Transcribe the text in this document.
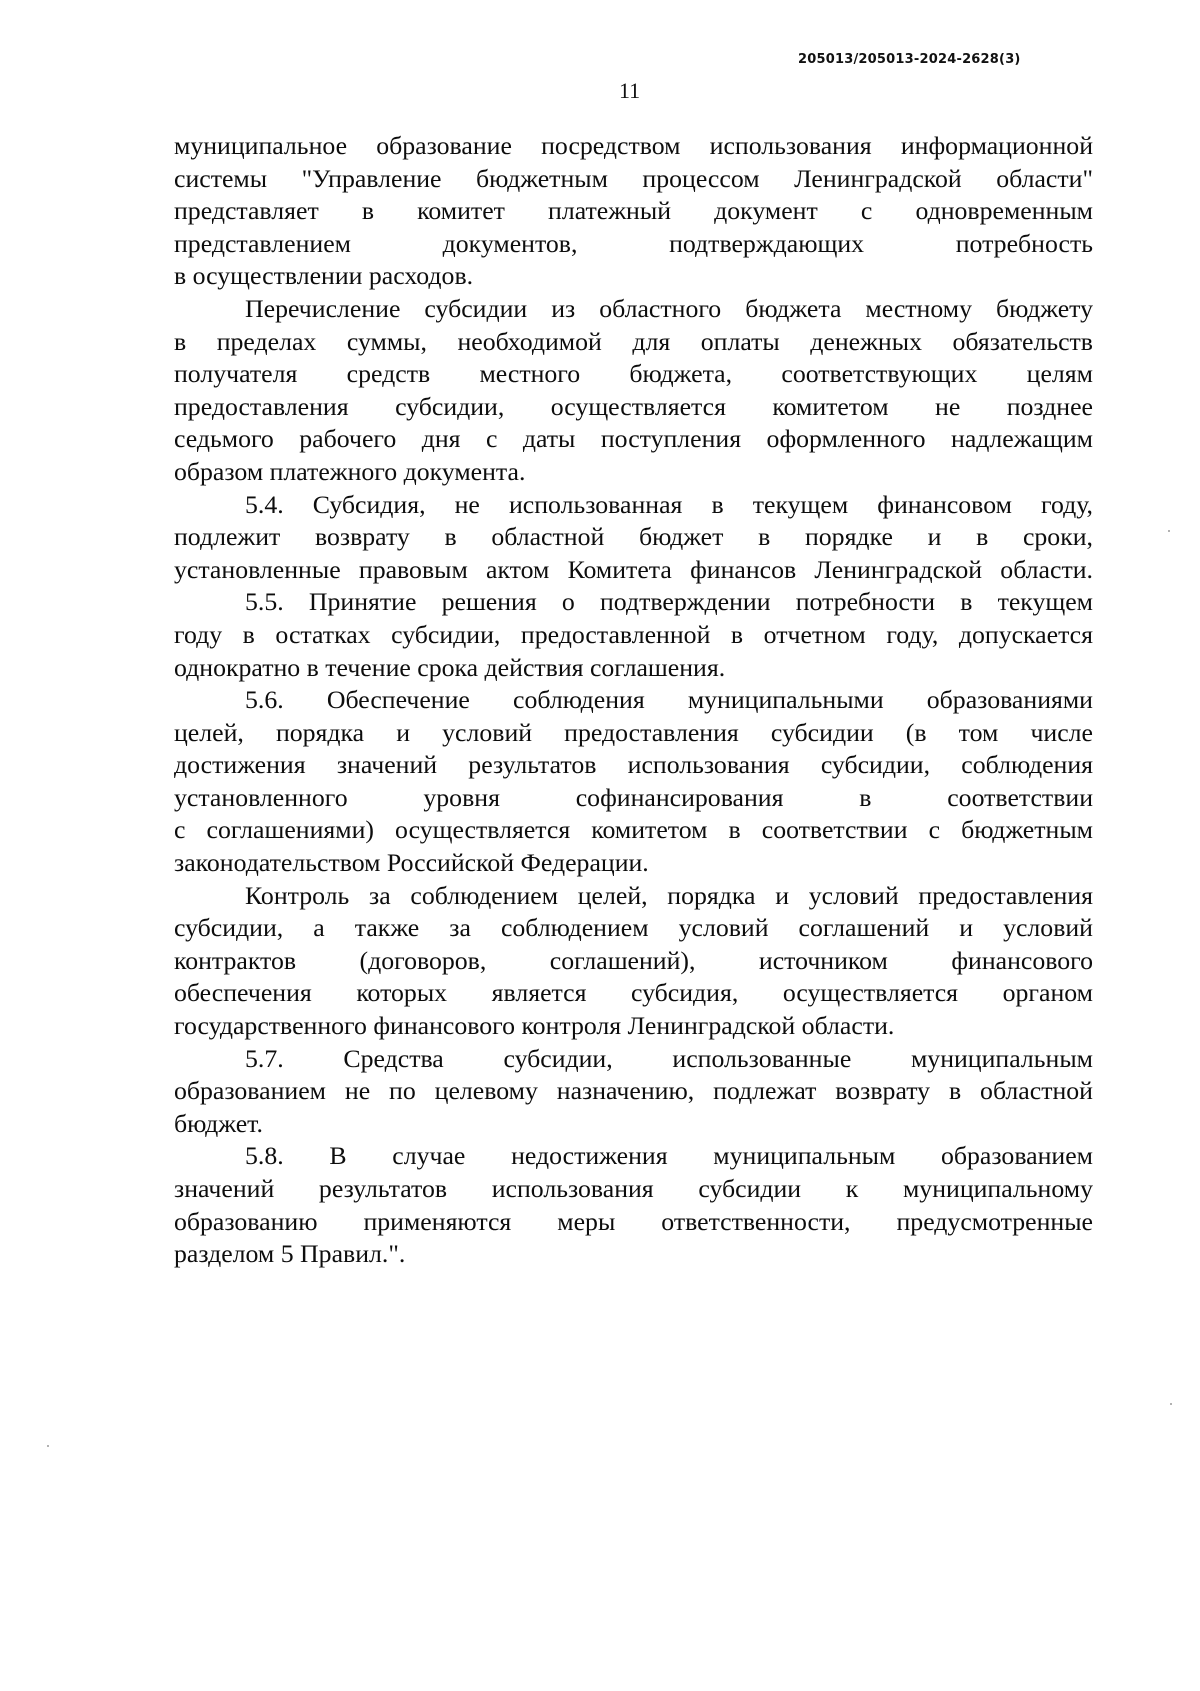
205013/205013-2024-2628(3)
11
муниципальное образование посредством использования информационной
системы "Управление бюджетным процессом Ленинградской области"
представляет в комитет платежный документ с одновременным
представлением документов, подтверждающих потребность
в осуществлении расходов.
Перечисление субсидии из областного бюджета местному бюджету
в пределах суммы, необходимой для оплаты денежных обязательств
получателя средств местного бюджета, соответствующих целям
предоставления субсидии, осуществляется комитетом не позднее
седьмого рабочего дня с даты поступления оформленного надлежащим
образом платежного документа.
5.4. Субсидия, не использованная в текущем финансовом году,
подлежит возврату в областной бюджет в порядке и в сроки,
установленные правовым актом Комитета финансов Ленинградской области.
5.5. Принятие решения о подтверждении потребности в текущем
году в остатках субсидии, предоставленной в отчетном году, допускается
однократно в течение срока действия соглашения.
5.6. Обеспечение соблюдения муниципальными образованиями
целей, порядка и условий предоставления субсидии (в том числе
достижения значений результатов использования субсидии, соблюдения
установленного уровня софинансирования в соответствии
с соглашениями) осуществляется комитетом в соответствии с бюджетным
законодательством Российской Федерации.
Контроль за соблюдением целей, порядка и условий предоставления
субсидии, а также за соблюдением условий соглашений и условий
контрактов (договоров, соглашений), источником финансового
обеспечения которых является субсидия, осуществляется органом
государственного финансового контроля Ленинградской области.
5.7. Средства субсидии, использованные муниципальным
образованием не по целевому назначению, подлежат возврату в областной
бюджет.
5.8. В случае недостижения муниципальным образованием
значений результатов использования субсидии к муниципальному
образованию применяются меры ответственности, предусмотренные
разделом 5 Правил.".
